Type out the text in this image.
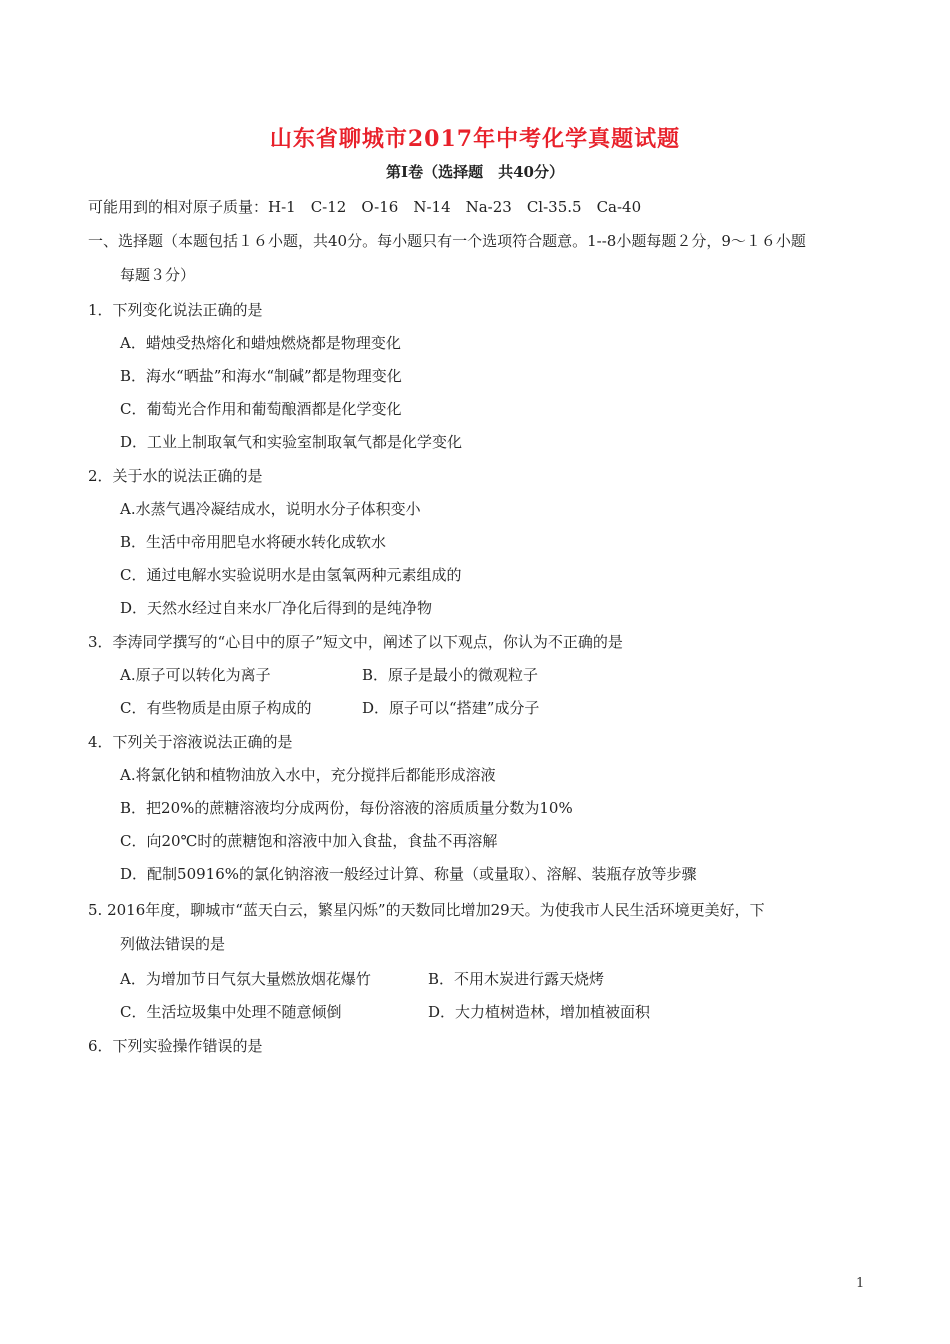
山东省聊城市2017年中考化学真题试题
第Ⅰ卷（选择题　共40分）
可能用到的相对原子质量：H-1　C-12　O-16　N-14　Na-23　Cl-35.5　Ca-40
一、选择题（本题包括１６小题，共40分。每小题只有一个选项符合题意。1--8小题每题２分，9～１６小题
每题３分）
1．下列变化说法正确的是
A．蜡烛受热熔化和蜡烛燃烧都是物理变化
B．海水“晒盐”和海水“制碱”都是物理变化
C．葡萄光合作用和葡萄酿酒都是化学变化
D．工业上制取氧气和实验室制取氧气都是化学变化
2．关于水的说法正确的是
A.水蒸气遇冷凝结成水，说明水分子体积变小
B．生活中帝用肥皂水将硬水转化成软水
C．通过电解水实验说明水是由氢氧两种元素组成的
D．天然水经过自来水厂净化后得到的是纯净物
3．李涛同学撰写的“心目中的原子”短文中，阐述了以下观点，你认为不正确的是
A.原子可以转化为离子	B．原子是最小的微观粒子
C．有些物质是由原子构成的	D．原子可以“搭建”成分子
4．下列关于溶液说法正确的是
A.将氯化钠和植物油放入水中，充分搅拌后都能形成溶液
B．把20%的蔗糖溶液均分成两份，每份溶液的溶质质量分数为10%
C．向20℃时的蔗糖饱和溶液中加入食盐，食盐不再溶解
D．配制50916%的氯化钠溶液一般经过计算、称量（或量取）、溶解、装瓶存放等步骤
5. 2016年度，聊城市“蓝天白云，繁星闪烁”的天数同比增加29天。为使我市人民生活环境更美好，下
列做法错误的是
A．为增加节日气氛大量燃放烟花爆竹	B．不用木炭进行露天烧烤
C．生活垃圾集中处理不随意倾倒	D．大力植树造林，增加植被面积
6．下列实验操作错误的是
1
